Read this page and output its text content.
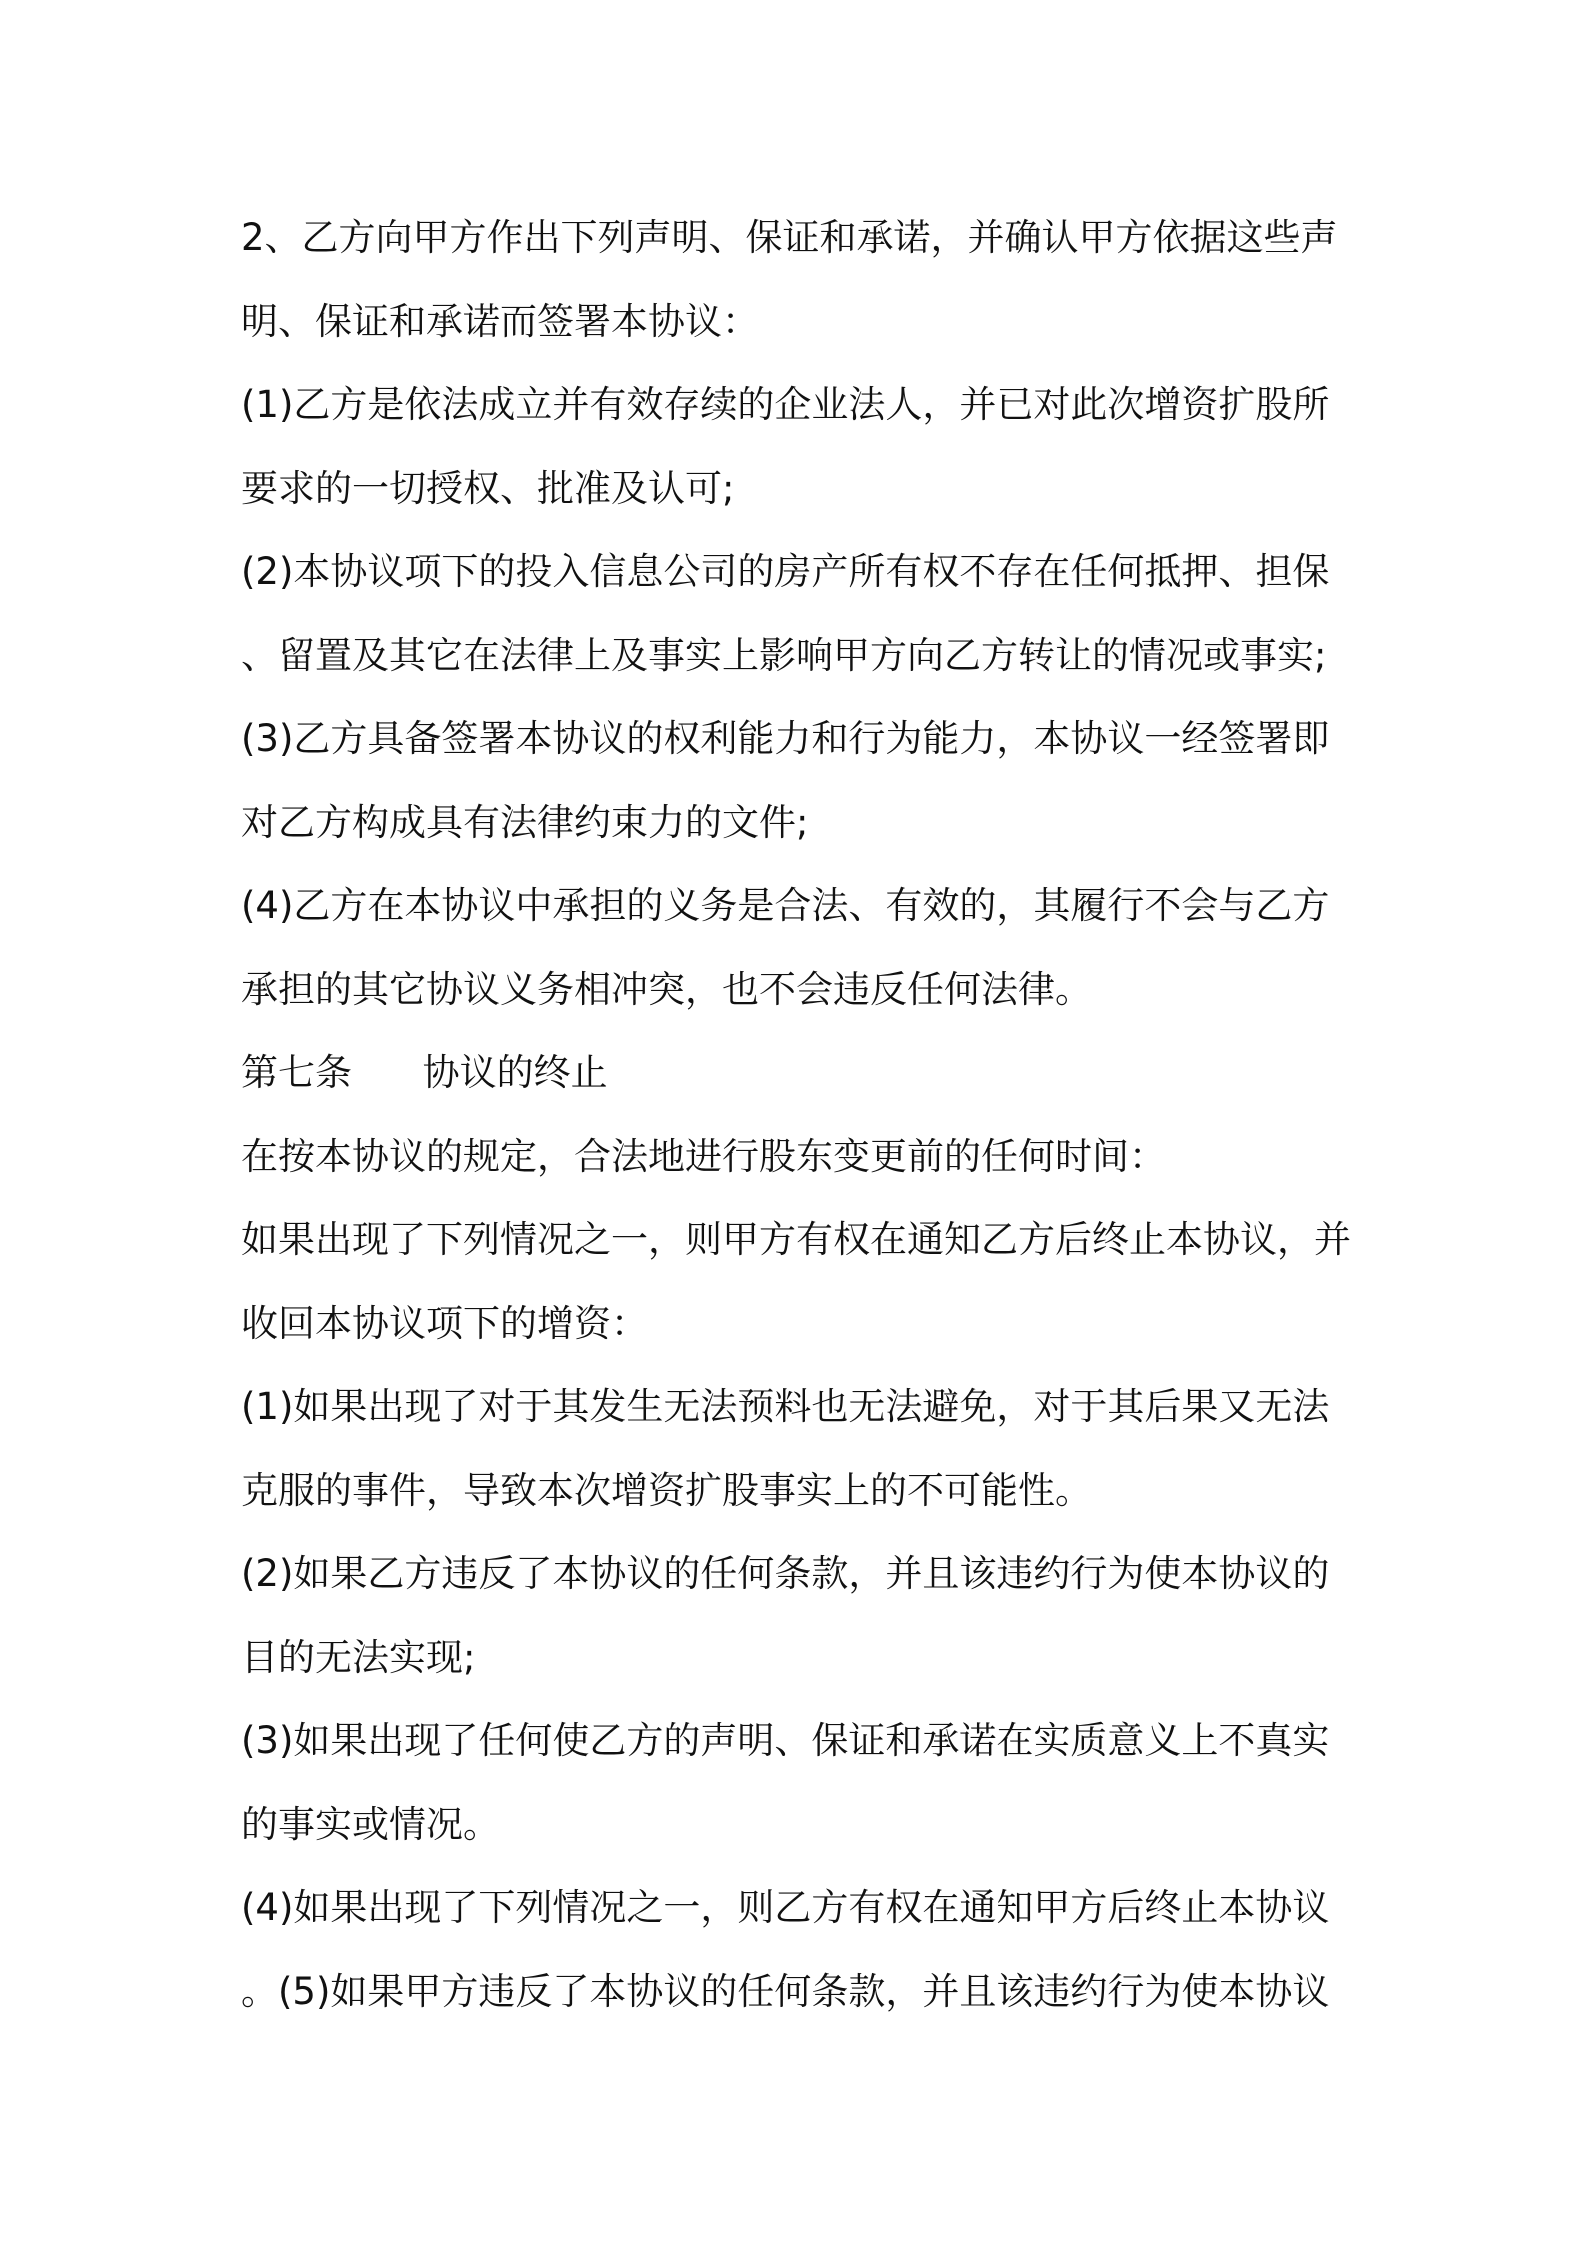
2、乙方向甲方作出下列声明、保证和承诺，并确认甲方依据这些声
明、保证和承诺而签署本协议：
(1)乙方是依法成立并有效存续的企业法人，并已对此次增资扩股所
要求的一切授权、批准及认可;
(2)本协议项下的投入信息公司的房产所有权不存在任何抵押、担保
、留置及其它在法律上及事实上影响甲方向乙方转让的情况或事实;
(3)乙方具备签署本协议的权利能力和行为能力，本协议一经签署即
对乙方构成具有法律约束力的文件;
(4)乙方在本协议中承担的义务是合法、有效的，其履行不会与乙方
承担的其它协议义务相冲突，也不会违反任何法律。
第七条      协议的终止
在按本协议的规定，合法地进行股东变更前的任何时间：
如果出现了下列情况之一，则甲方有权在通知乙方后终止本协议，并
收回本协议项下的增资：
(1)如果出现了对于其发生无法预料也无法避免，对于其后果又无法
克服的事件，导致本次增资扩股事实上的不可能性。
(2)如果乙方违反了本协议的任何条款，并且该违约行为使本协议的
目的无法实现;
(3)如果出现了任何使乙方的声明、保证和承诺在实质意义上不真实
的事实或情况。
(4)如果出现了下列情况之一，则乙方有权在通知甲方后终止本协议
。(5)如果甲方违反了本协议的任何条款，并且该违约行为使本协议
